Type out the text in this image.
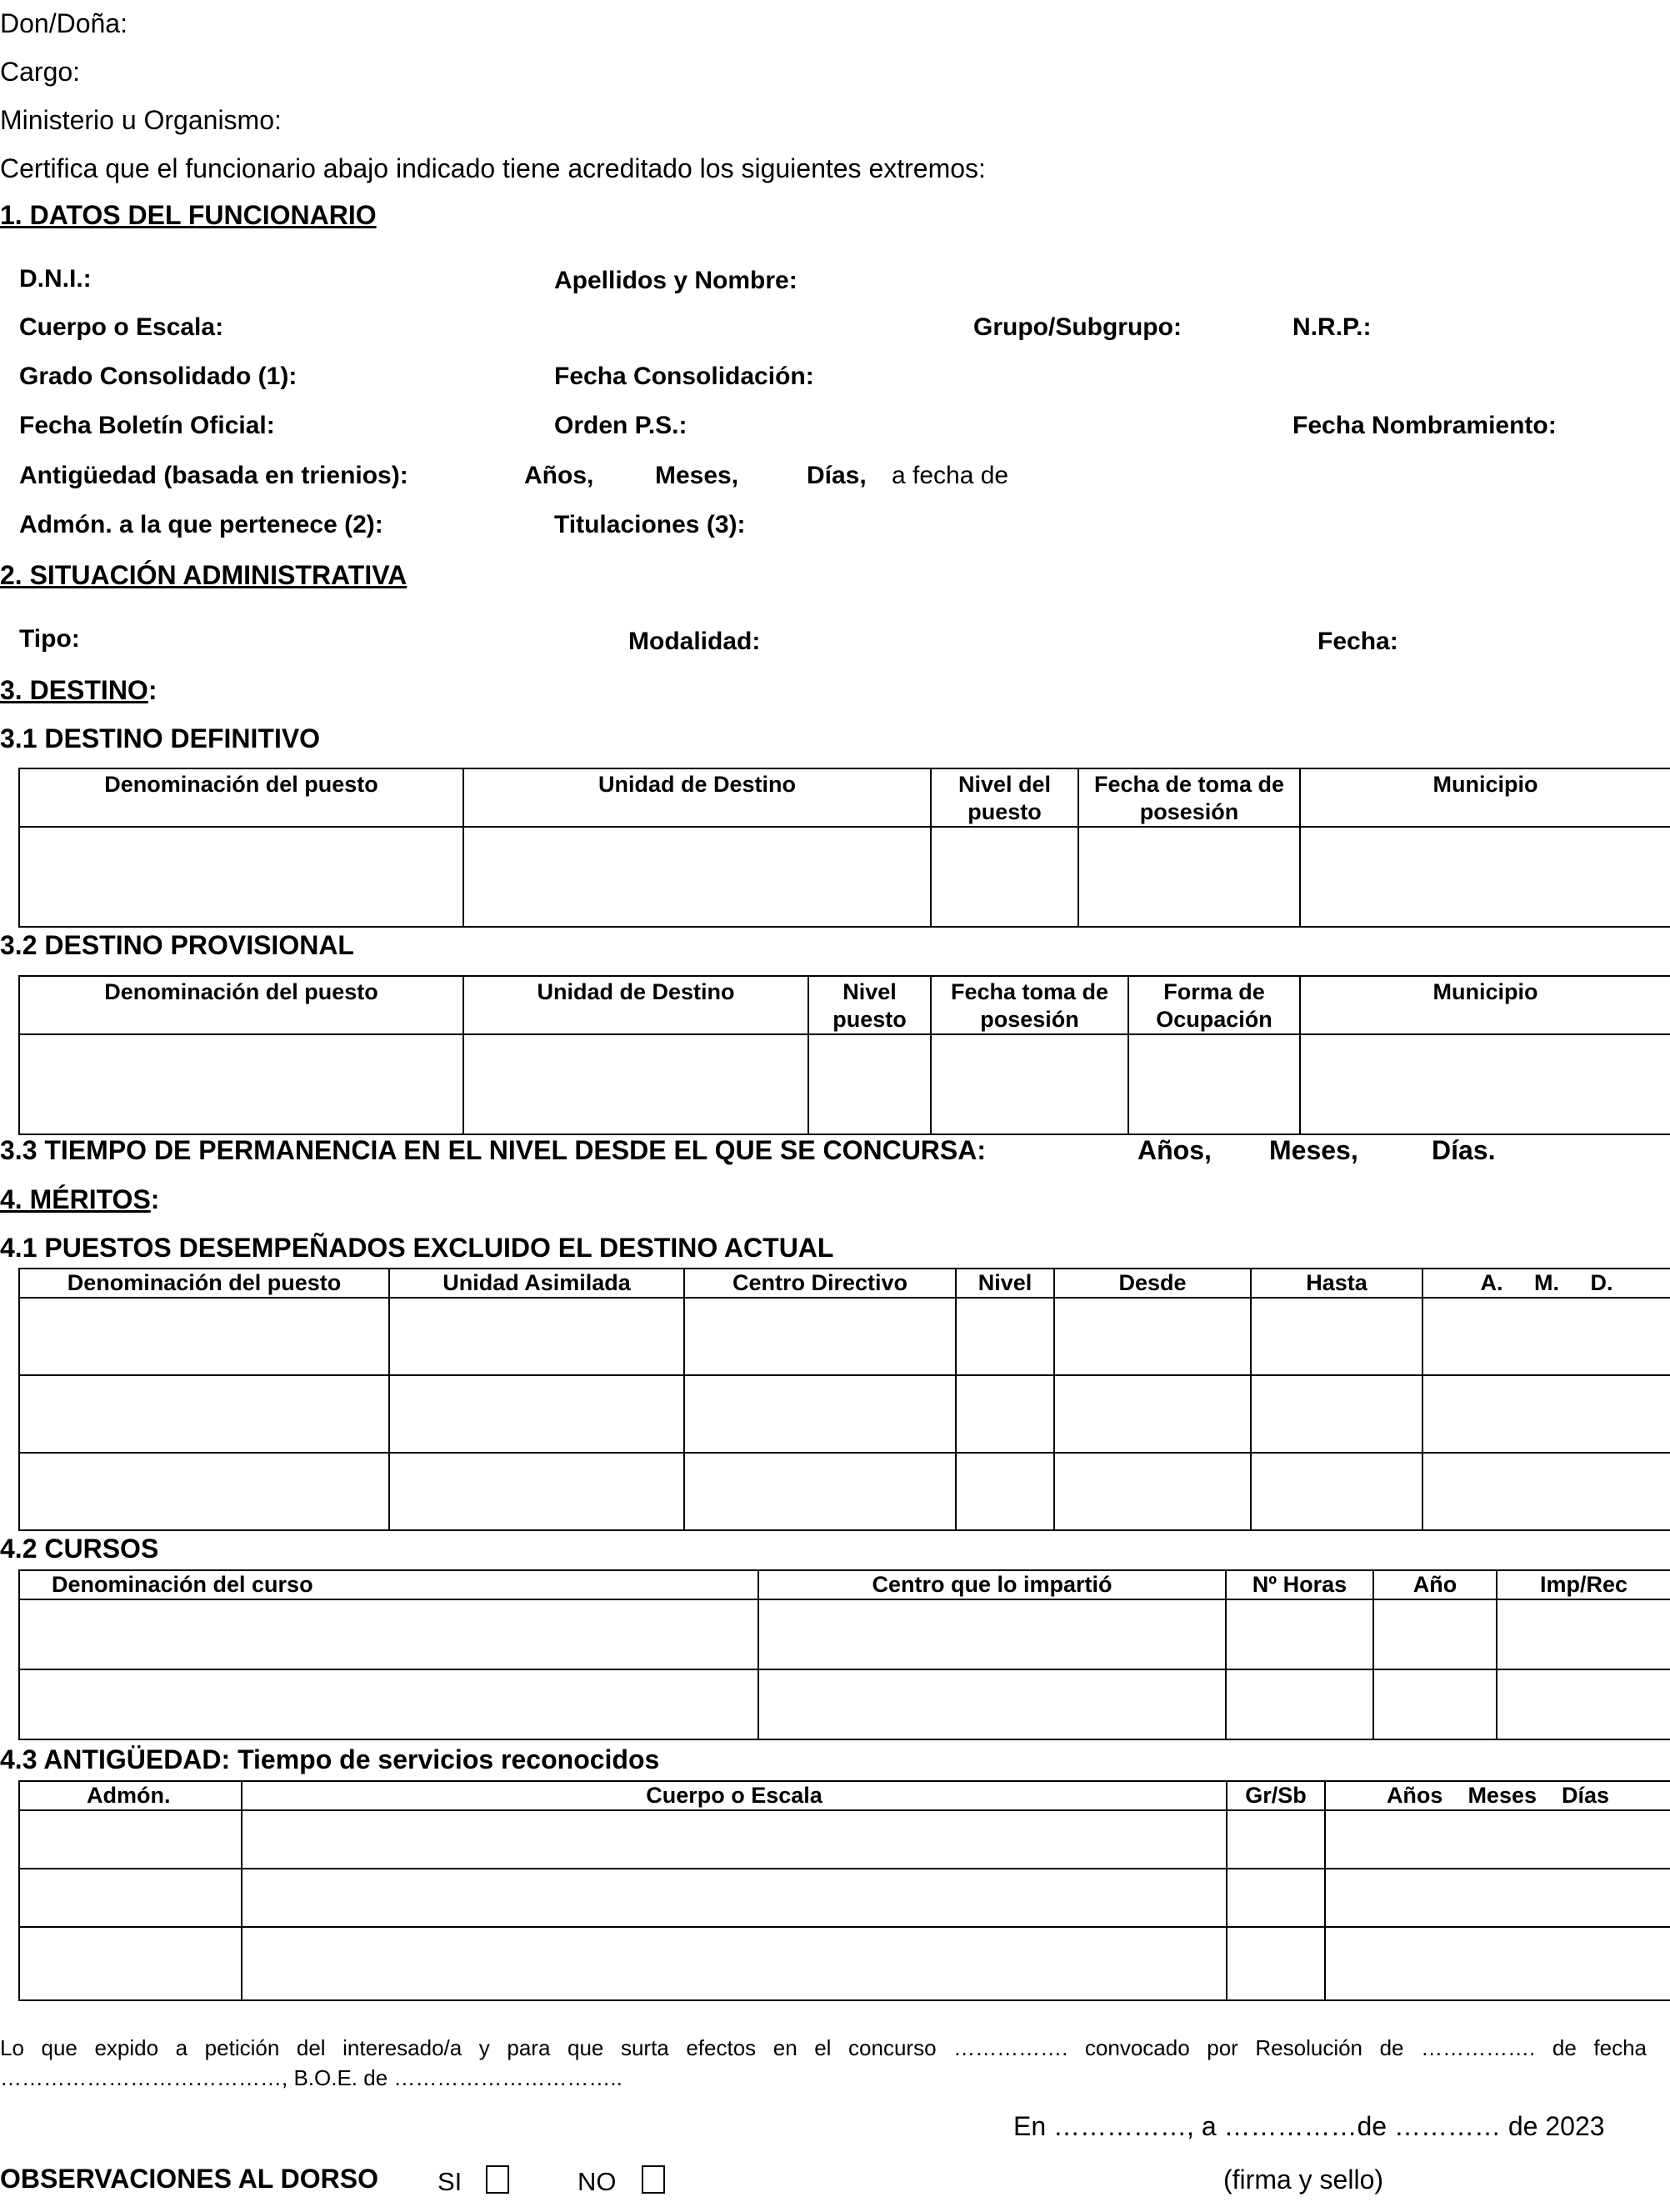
Don/Doña:
Cargo:
Ministerio u Organismo:
Certifica que el funcionario abajo indicado tiene acreditado los siguientes extremos:
1. DATOS DEL FUNCIONARIO
D.N.I.:	Apellidos y Nombre:
Cuerpo o Escala:	Grupo/Subgrupo:	N.R.P.:
Grado Consolidado (1):	Fecha Consolidación:
Fecha Boletín Oficial:	Orden P.S.:	Fecha Nombramiento:
Antigüedad (basada en trienios):	Años, Meses,	Días, a fecha de
Admón. a la que pertenece (2):	Titulaciones (3):
2. SITUACIÓN ADMINISTRATIVA
Tipo:	Modalidad:	Fecha:
3. DESTINO:
3.1 DESTINO DEFINITIVO
Denominación del puesto	Unidad de Destino	Nivel del puesto	Fecha de toma de posesión	Municipio

3.2 DESTINO PROVISIONAL
Denominación del puesto	Unidad de Destino	Nivel puesto	Fecha toma de posesión	Forma de Ocupación	Municipio

3.3 TIEMPO DE PERMANENCIA EN EL NIVEL DESDE EL QUE SE CONCURSA:	Años, Meses,	Días.
4. MÉRITOS:
4.1 PUESTOS DESEMPEÑADOS EXCLUIDO EL DESTINO ACTUAL
Denominación del puesto	Unidad Asimilada	Centro Directivo	Nivel	Desde	Hasta	A.     M.     D.

4.2 CURSOS
Denominación del curso	Centro que lo impartió	Nº Horas	Año	Imp/Rec

4.3 ANTIGÜEDAD: Tiempo de servicios reconocidos
Admón.	Cuerpo o Escala	Gr/Sb	Años    Meses    Días

Lo que expido a petición del interesado/a y para que surta efectos en el concurso ……………. convocado por Resolución de ……………. de fecha …………………………………, B.O.E. de …………………………..
En ……………, a ……………de ………… de 2023
OBSERVACIONES AL DORSO SI	NO	(firma y sello)
